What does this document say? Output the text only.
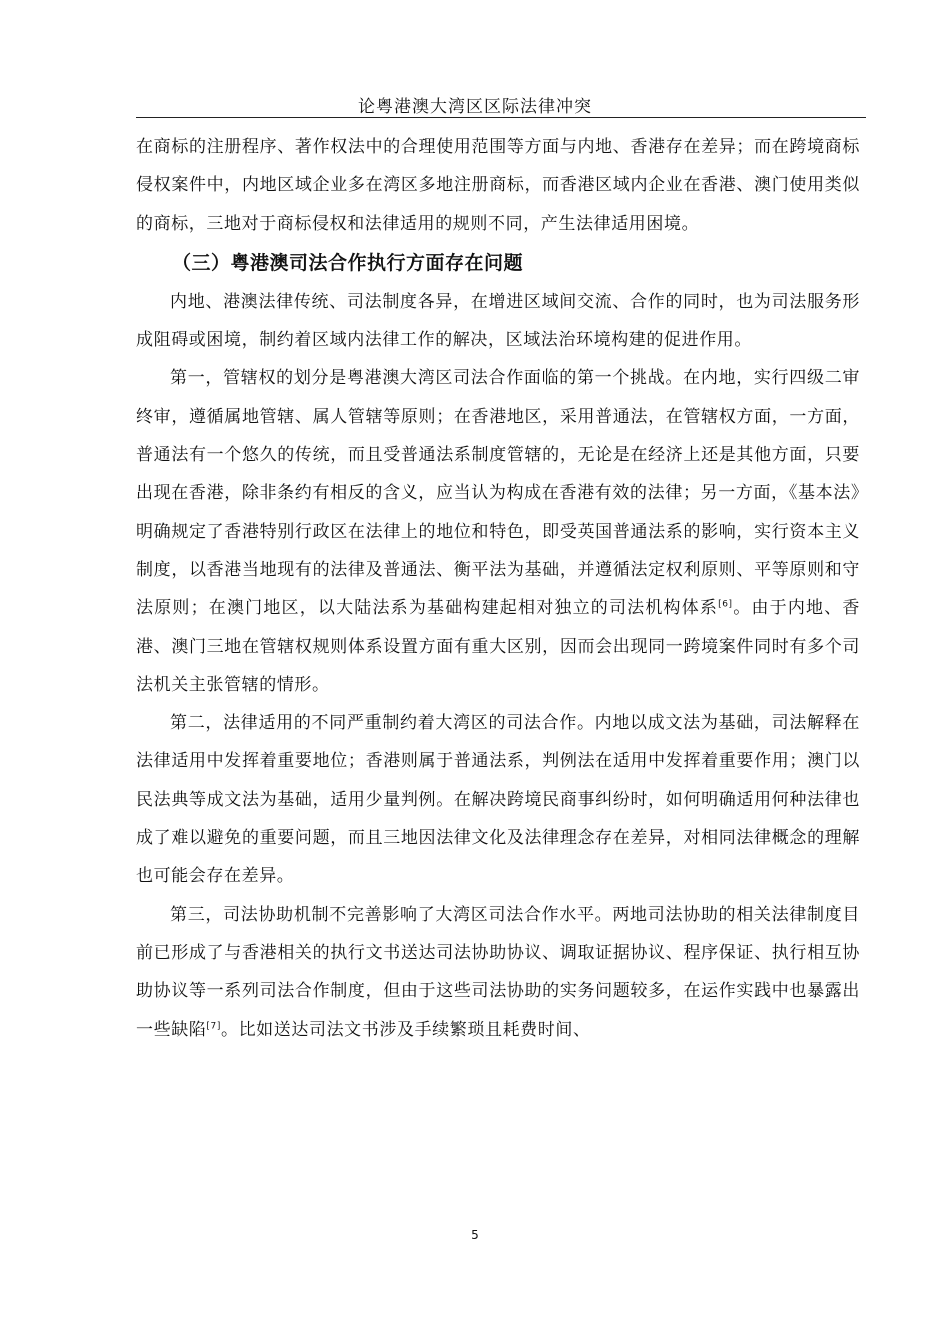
论粤港澳大湾区区际法律冲突

在商标的注册程序、著作权法中的合理使用范围等方面与内地、香港存在差异；而在跨境商标侵权案件中，内地区域企业多在湾区多地注册商标，而香港区域内企业在香港、澳门使用类似的商标，三地对于商标侵权和法律适用的规则不同，产生法律适用困境。

（三）粤港澳司法合作执行方面存在问题

内地、港澳法律传统、司法制度各异，在增进区域间交流、合作的同时，也为司法服务形成阻碍或困境，制约着区域内法律工作的解决，区域法治环境构建的促进作用。

第一，管辖权的划分是粤港澳大湾区司法合作面临的第一个挑战。在内地，实行四级二审终审，遵循属地管辖、属人管辖等原则；在香港地区，采用普通法，在管辖权方面，一方面，普通法有一个悠久的传统，而且受普通法系制度管辖的，无论是在经济上还是其他方面，只要出现在香港，除非条约有相反的含义，应当认为构成在香港有效的法律；另一方面，《基本法》明确规定了香港特别行政区在法律上的地位和特色，即受英国普通法系的影响，实行资本主义制度，以香港当地现有的法律及普通法、衡平法为基础，并遵循法定权利原则、平等原则和守法原则；在澳门地区，以大陆法系为基础构建起相对独立的司法机构体系[6]。由于内地、香港、澳门三地在管辖权规则体系设置方面有重大区别，因而会出现同一跨境案件同时有多个司法机关主张管辖的情形。

第二，法律适用的不同严重制约着大湾区的司法合作。内地以成文法为基础，司法解释在法律适用中发挥着重要地位；香港则属于普通法系，判例法在适用中发挥着重要作用；澳门以民法典等成文法为基础，适用少量判例。在解决跨境民商事纠纷时，如何明确适用何种法律也成了难以避免的重要问题，而且三地因法律文化及法律理念存在差异，对相同法律概念的理解也可能会存在差异。

第三，司法协助机制不完善影响了大湾区司法合作水平。两地司法协助的相关法律制度目前已形成了与香港相关的执行文书送达司法协助协议、调取证据协议、程序保证、执行相互协助协议等一系列司法合作制度，但由于这些司法协助的实务问题较多，在运作实践中也暴露出一些缺陷[7]。比如送达司法文书涉及手续繁琐且耗费时间、

5
